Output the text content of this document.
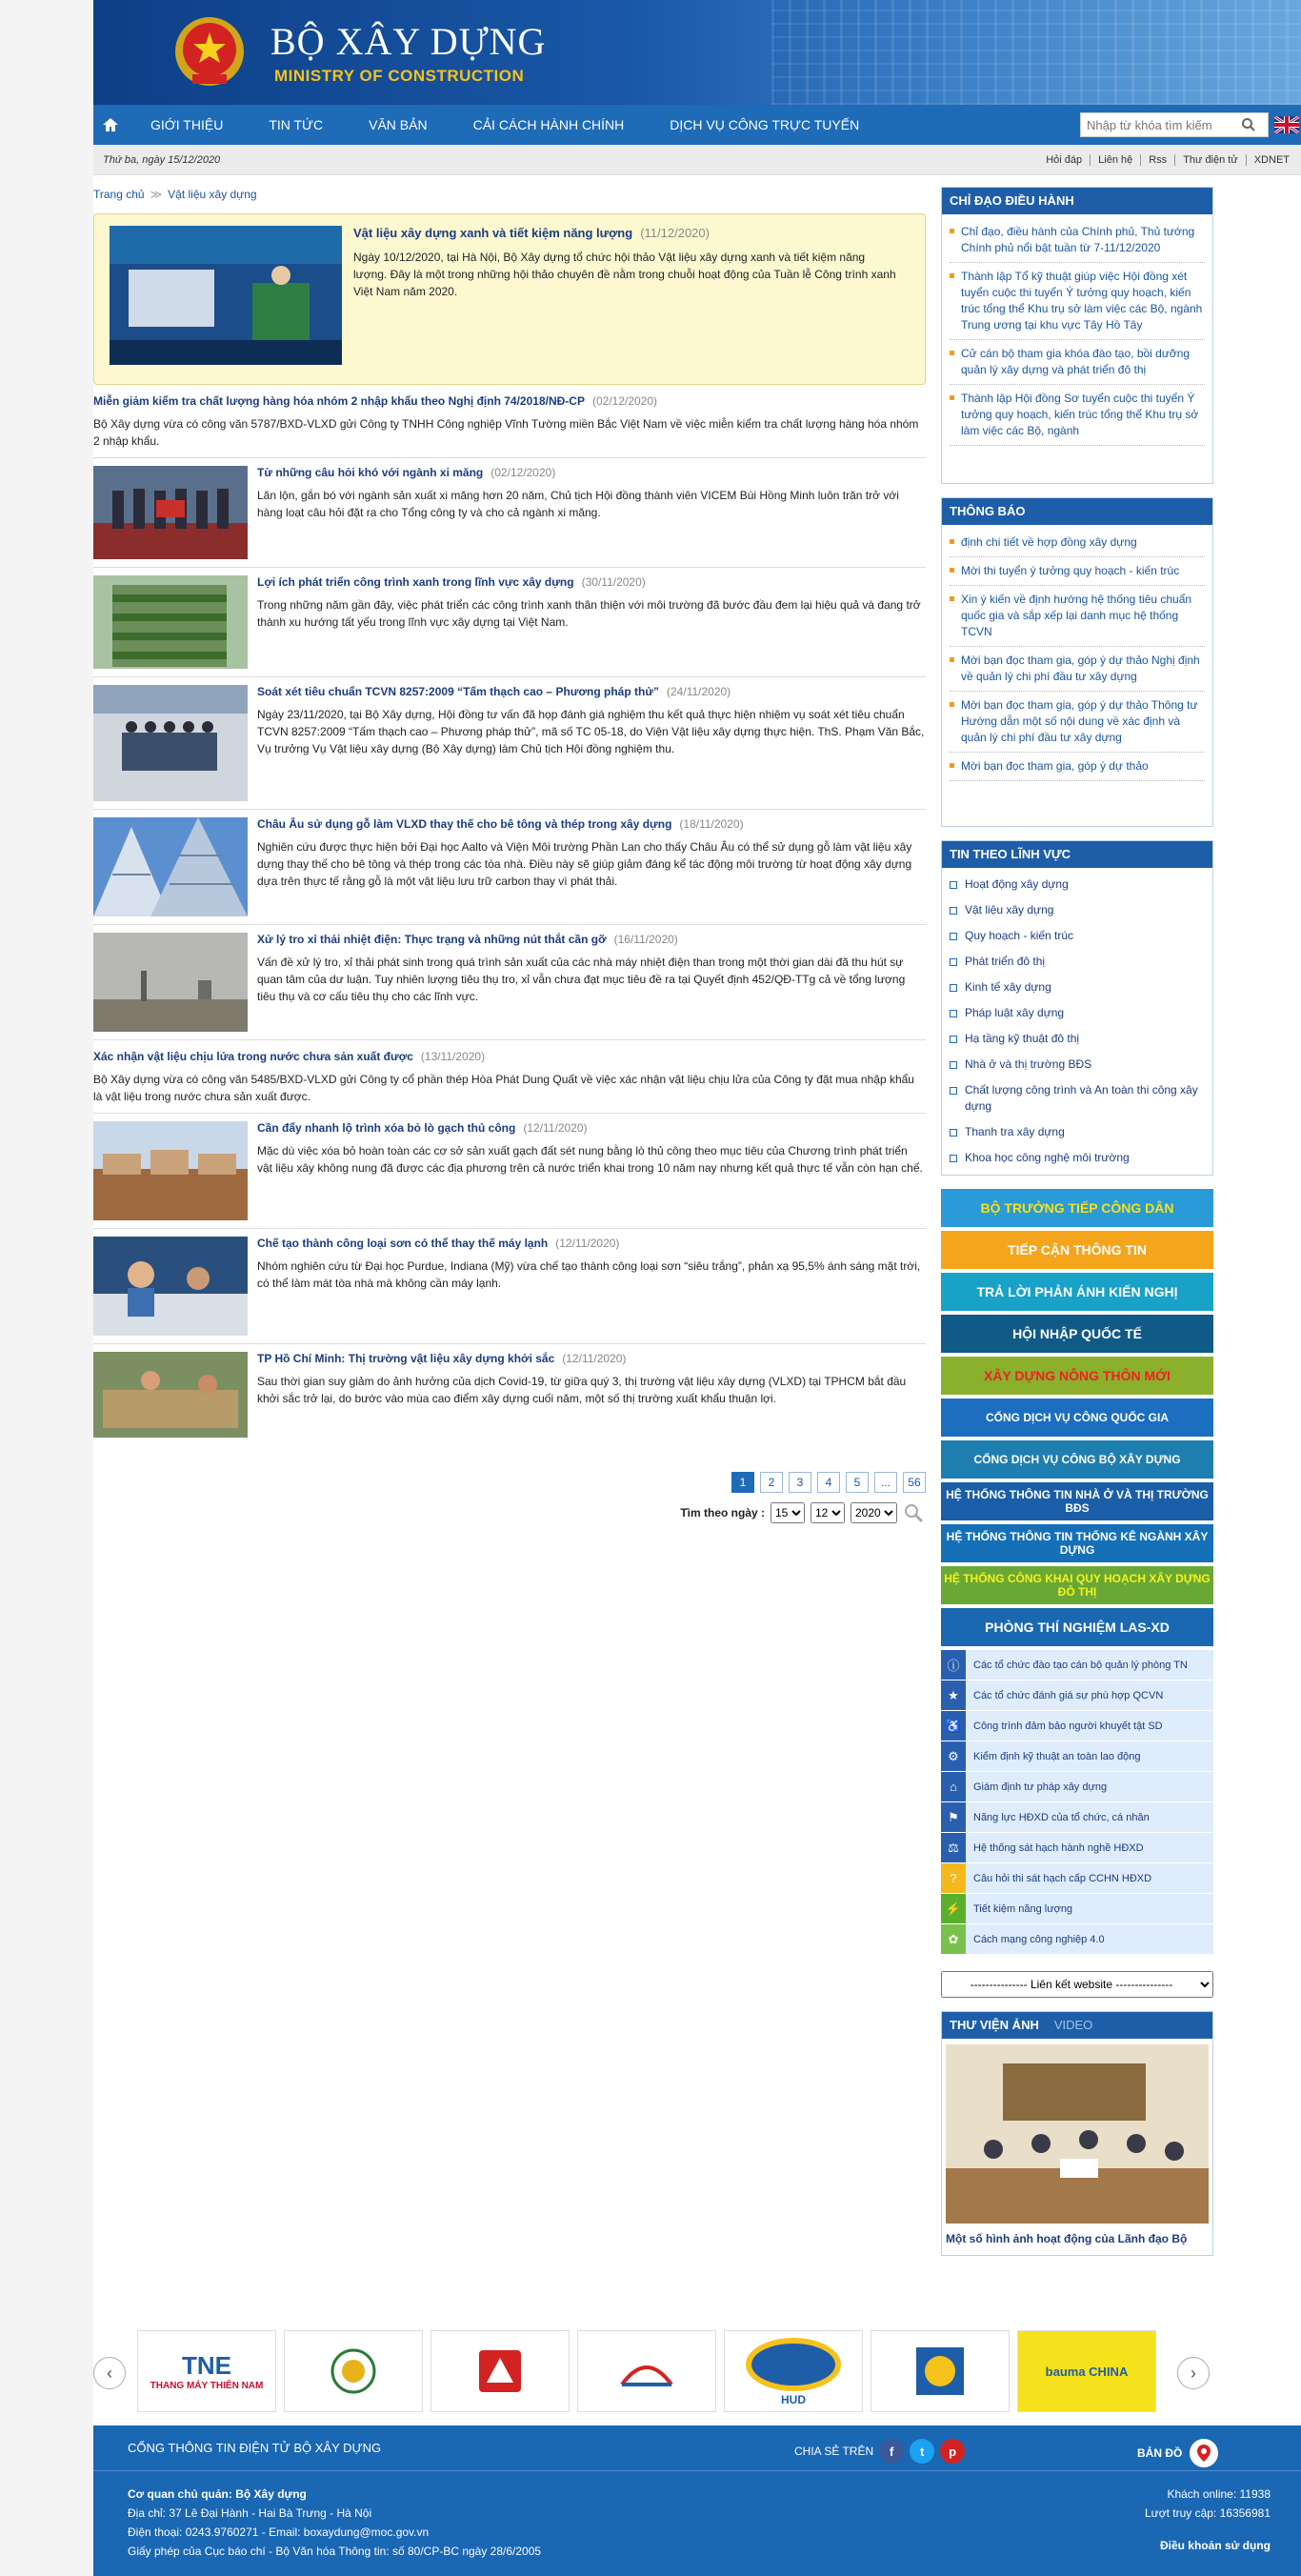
BỘ XÂY DỰNG
MINISTRY OF CONSTRUCTION
GIỚI THIỆU	TIN TỨC	VĂN BẢN	CẢI CÁCH HÀNH CHÍNH	DỊCH VỤ CÔNG TRỰC TUYẾN
Nhập từ khóa tìm kiếm
Thứ ba, ngày 15/12/2020	Hỏi đáp	Liên hệ	Rss	Thư điện tử	XDNET
Trang chủ ≫ Vật liệu xây dựng
Vật liệu xây dựng xanh và tiết kiệm năng lượng (11/12/2020)
Ngày 10/12/2020, tại Hà Nội, Bộ Xây dựng tổ chức hội thảo Vật liệu xây dựng xanh và tiết kiệm năng lượng. Đây là một trong những hội thảo chuyên đề nằm trong chuỗi hoạt động của Tuần lễ Công trình xanh Việt Nam năm 2020.
Miễn giảm kiểm tra chất lượng hàng hóa nhóm 2 nhập khẩu theo Nghị định 74/2018/NĐ-CP (02/12/2020)
Bộ Xây dựng vừa có công văn 5787/BXD-VLXD gửi Công ty TNHH Công nghiệp Vĩnh Tường miền Bắc Việt Nam về việc miễn kiểm tra chất lượng hàng hóa nhóm 2 nhập khẩu.
Từ những câu hỏi khó với ngành xi măng (02/12/2020)
Lăn lộn, gắn bó với ngành sản xuất xi măng hơn 20 năm, Chủ tịch Hội đồng thành viên VICEM Bùi Hồng Minh luôn trăn trở với hàng loạt câu hỏi đặt ra cho Tổng công ty và cho cả ngành xi măng.
Lợi ích phát triển công trình xanh trong lĩnh vực xây dựng (30/11/2020)
Trong những năm gần đây, việc phát triển các công trình xanh thân thiện với môi trường đã bước đầu đem lại hiệu quả và đang trở thành xu hướng tất yếu trong lĩnh vực xây dựng tại Việt Nam.
Soát xét tiêu chuẩn TCVN 8257:2009 “Tấm thạch cao – Phương pháp thử” (24/11/2020)
Ngày 23/11/2020, tại Bộ Xây dựng, Hội đồng tư vấn đã họp đánh giá nghiệm thu kết quả thực hiện nhiệm vụ soát xét tiêu chuẩn TCVN 8257:2009 “Tấm thạch cao – Phương pháp thử”, mã số TC 05-18, do Viện Vật liệu xây dựng thực hiện. ThS. Phạm Văn Bắc, Vụ trưởng Vụ Vật liệu xây dựng (Bộ Xây dựng) làm Chủ tịch Hội đồng nghiệm thu.
Châu Âu sử dụng gỗ làm VLXD thay thế cho bê tông và thép trong xây dựng (18/11/2020)
Nghiên cứu được thực hiện bởi Đại học Aalto và Viện Môi trường Phần Lan cho thấy Châu Âu có thể sử dụng gỗ làm vật liệu xây dựng thay thế cho bê tông và thép trong các tòa nhà. Điều này sẽ giúp giảm đáng kể tác động môi trường từ hoạt động xây dựng dựa trên thực tế rằng gỗ là một vật liệu lưu trữ carbon thay vì phát thải.
Xử lý tro xỉ thải nhiệt điện: Thực trạng và những nút thắt cần gỡ (16/11/2020)
Vấn đề xử lý tro, xỉ thải phát sinh trong quá trình sản xuất của các nhà máy nhiệt điện than trong một thời gian dài đã thu hút sự quan tâm của dư luận. Tuy nhiên lượng tiêu thụ tro, xỉ vẫn chưa đạt mục tiêu đề ra tại Quyết định 452/QĐ-TTg cả về tổng lượng tiêu thụ và cơ cấu tiêu thụ cho các lĩnh vực.
Xác nhận vật liệu chịu lửa trong nước chưa sản xuất được (13/11/2020)
Bộ Xây dựng vừa có công văn 5485/BXD-VLXD gửi Công ty cổ phần thép Hòa Phát Dung Quất về việc xác nhận vật liệu chịu lửa của Công ty đặt mua nhập khẩu là vật liệu trong nước chưa sản xuất được.
Cần đẩy nhanh lộ trình xóa bỏ lò gạch thủ công (12/11/2020)
Mặc dù việc xóa bỏ hoàn toàn các cơ sở sản xuất gạch đất sét nung bằng lò thủ công theo mục tiêu của Chương trình phát triển vật liệu xây không nung đã được các địa phương trên cả nước triển khai trong 10 năm nay nhưng kết quả thực tế vẫn còn hạn chế.
Chế tạo thành công loại sơn có thể thay thế máy lạnh (12/11/2020)
Nhóm nghiên cứu từ Đại học Purdue, Indiana (Mỹ) vừa chế tạo thành công loại sơn “siêu trắng”, phản xạ 95,5% ánh sáng mặt trời, có thể làm mát tòa nhà mà không cần máy lạnh.
TP Hồ Chí Minh: Thị trường vật liệu xây dựng khởi sắc (12/11/2020)
Sau thời gian suy giảm do ảnh hưởng của dịch Covid-19, từ giữa quý 3, thị trường vật liệu xây dựng (VLXD) tại TPHCM bắt đầu khởi sắc trở lại, do bước vào mùa cao điểm xây dựng cuối năm, một số thị trường xuất khẩu thuận lợi.
1	2	3	4	5	...	56
Tìm theo ngày :
15
12
2020
CHỈ ĐẠO ĐIỀU HÀNH
Chỉ đạo, điều hành của Chính phủ, Thủ tướng Chính phủ nổi bật tuần từ 7-11/12/2020
Thành lập Tổ kỹ thuật giúp việc Hội đồng xét tuyển cuộc thi tuyển Ý tưởng quy hoạch, kiến trúc tổng thể Khu trụ sở làm việc các Bộ, ngành Trung ương tại khu vực Tây Hồ Tây
Cử cán bộ tham gia khóa đào tạo, bồi dưỡng quản lý xây dựng và phát triển đô thị
Thành lập Hội đồng Sơ tuyển cuộc thi tuyển Ý tưởng quy hoạch, kiến trúc tổng thể Khu trụ sở làm việc các Bộ, ngành
THÔNG BÁO
định chi tiết về hợp đồng xây dựng
Mời thi tuyển ý tưởng quy hoạch - kiến trúc
Xin ý kiến về định hướng hệ thống tiêu chuẩn quốc gia và sắp xếp lại danh mục hệ thống TCVN
Mời bạn đọc tham gia, góp ý dự thảo Nghị định về quản lý chi phí đầu tư xây dựng
Mời bạn đọc tham gia, góp ý dự thảo Thông tư Hướng dẫn một số nội dung về xác định và quản lý chi phí đầu tư xây dựng
Mời bạn đọc tham gia, góp ý dự thảo
TIN THEO LĨNH VỰC
Hoạt động xây dựng
Vật liệu xây dựng
Quy hoạch - kiến trúc
Phát triển đô thị
Kinh tế xây dựng
Pháp luật xây dựng
Hạ tầng kỹ thuật đô thị
Nhà ở và thị trường BĐS
Chất lượng công trình và An toàn thi công xây dựng
Thanh tra xây dựng
Khoa học công nghệ môi trường
BỘ TRƯỞNG TIẾP CÔNG DÂN
TIẾP CẬN THÔNG TIN
TRẢ LỜI PHẢN ÁNH KIẾN NGHỊ
HỘI NHẬP QUỐC TẾ
XÂY DỰNG NÔNG THÔN MỚI
CỔNG DỊCH VỤ CÔNG QUỐC GIA
CỔNG DỊCH VỤ CÔNG BỘ XÂY DỰNG
HỆ THỐNG THÔNG TIN NHÀ Ở VÀ THỊ TRƯỜNG BĐS
HỆ THỐNG THÔNG TIN THỐNG KÊ NGÀNH XÂY DỰNG
HỆ THỐNG CÔNG KHAI QUY HOẠCH XÂY DỰNG ĐÔ THỊ
PHÒNG THÍ NGHIỆM LAS-XD
ⓘ	Các tổ chức đào tạo cán bộ quản lý phòng TN
★	Các tổ chức đánh giá sự phù hợp QCVN
♿	Công trình đảm bảo người khuyết tật SD
⚙	Kiểm định kỹ thuật an toàn lao động
⌂	Giám định tư pháp xây dựng
⚑	Năng lực HĐXD của tổ chức, cá nhân
⚖	Hệ thống sát hạch hành nghề HĐXD
?	Câu hỏi thi sát hạch cấp CCHN HĐXD
⚡	Tiết kiệm năng lượng
✿	Cách mạng công nghiệp 4.0
--------------- Liên kết website ---------------
THƯ VIỆN ẢNH VIDEO
Một số hình ảnh hoạt động của Lãnh đạo Bộ
‹	TNE
THANG MÁY THIÊN NAM
HUD
bauma CHINA	›
CỔNG THÔNG TIN ĐIỆN TỬ BỘ XÂY DỰNG	CHIA SẺ TRÊN	f	t	p	BẢN ĐỒ
Cơ quan chủ quản: Bộ Xây dựng
Địa chỉ: 37 Lê Đại Hành - Hai Bà Trưng - Hà Nội
Điện thoại: 0243.9760271 - Email: boxaydung@moc.gov.vn
Giấy phép của Cục báo chí - Bộ Văn hóa Thông tin: số 80/CP-BC ngày 28/6/2005
Khách online: 11938
Lượt truy cập: 16356981
Điều khoản sử dụng
